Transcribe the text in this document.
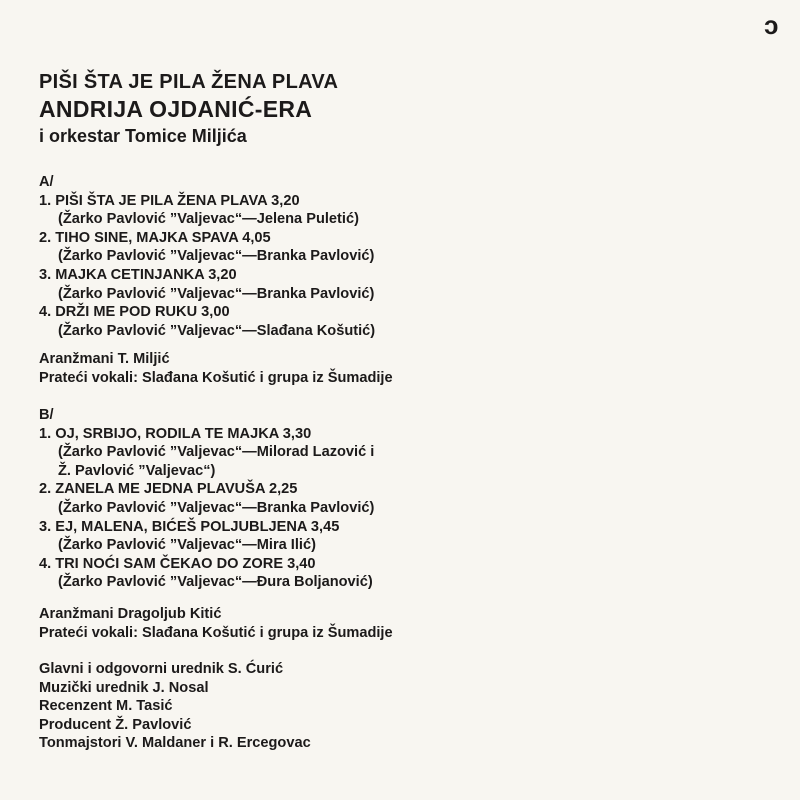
ɔ
PIŠI ŠTA JE PILA ŽENA PLAVA
ANDRIJA OJDANIĆ-ERA
i orkestar Tomice Miljića
A/
1. PIŠI ŠTA JE PILA ŽENA PLAVA 3,20
(Žarko Pavlović ”Valjevac“—Jelena Puletić)
2. TIHO SINE, MAJKA SPAVA 4,05
(Žarko Pavlović ”Valjevac“—Branka Pavlović)
3. MAJKA CETINJANKA 3,20
(Žarko Pavlović ”Valjevac“—Branka Pavlović)
4. DRŽI ME POD RUKU 3,00
(Žarko Pavlović ”Valjevac“—Slađana Košutić)
Aranžmani T. Miljić
Prateći vokali: Slađana Košutić i grupa iz Šumadije
B/
1. OJ, SRBIJO, RODILA TE MAJKA 3,30
(Žarko Pavlović ”Valjevac“—Milorad Lazović i
Ž. Pavlović ”Valjevac“)
2. ZANELA ME JEDNA PLAVUŠA 2,25
(Žarko Pavlović ”Valjevac“—Branka Pavlović)
3. EJ, MALENA, BIĆEŠ POLJUBLJENA 3,45
(Žarko Pavlović ”Valjevac“—Mira Ilić)
4. TRI NOĆI SAM ČEKAO DO ZORE 3,40
(Žarko Pavlović ”Valjevac“—Đura Boljanović)
Aranžmani Dragoljub Kitić
Prateći vokali: Slađana Košutić i grupa iz Šumadije
Glavni i odgovorni urednik S. Ćurić
Muzički urednik J. Nosal
Recenzent M. Tasić
Producent Ž. Pavlović
Tonmajstori V. Maldaner i R. Ercegovac
